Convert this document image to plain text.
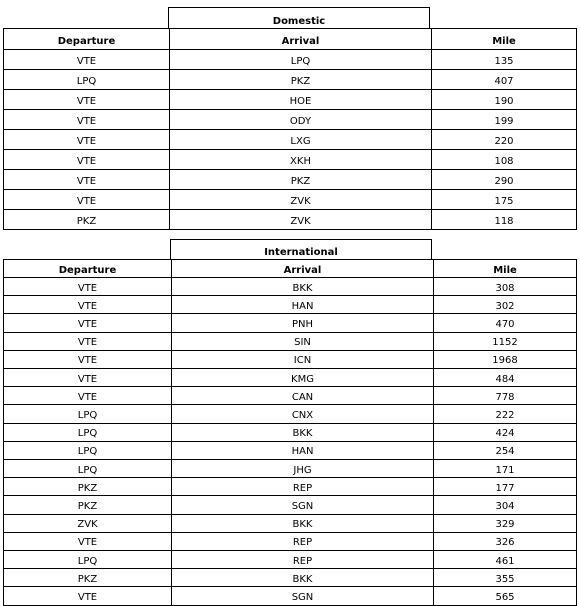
Domestic
Departure	Arrival	Mile
VTE	LPQ	135
LPQ	PKZ	407
VTE	HOE	190
VTE	ODY	199
VTE	LXG	220
VTE	XKH	108
VTE	PKZ	290
VTE	ZVK	175
PKZ	ZVK	118
International
Departure	Arrival	Mile
VTE	BKK	308
VTE	HAN	302
VTE	PNH	470
VTE	SIN	1152
VTE	ICN	1968
VTE	KMG	484
VTE	CAN	778
LPQ	CNX	222
LPQ	BKK	424
LPQ	HAN	254
LPQ	JHG	171
PKZ	REP	177
PKZ	SGN	304
ZVK	BKK	329
VTE	REP	326
LPQ	REP	461
PKZ	BKK	355
VTE	SGN	565
